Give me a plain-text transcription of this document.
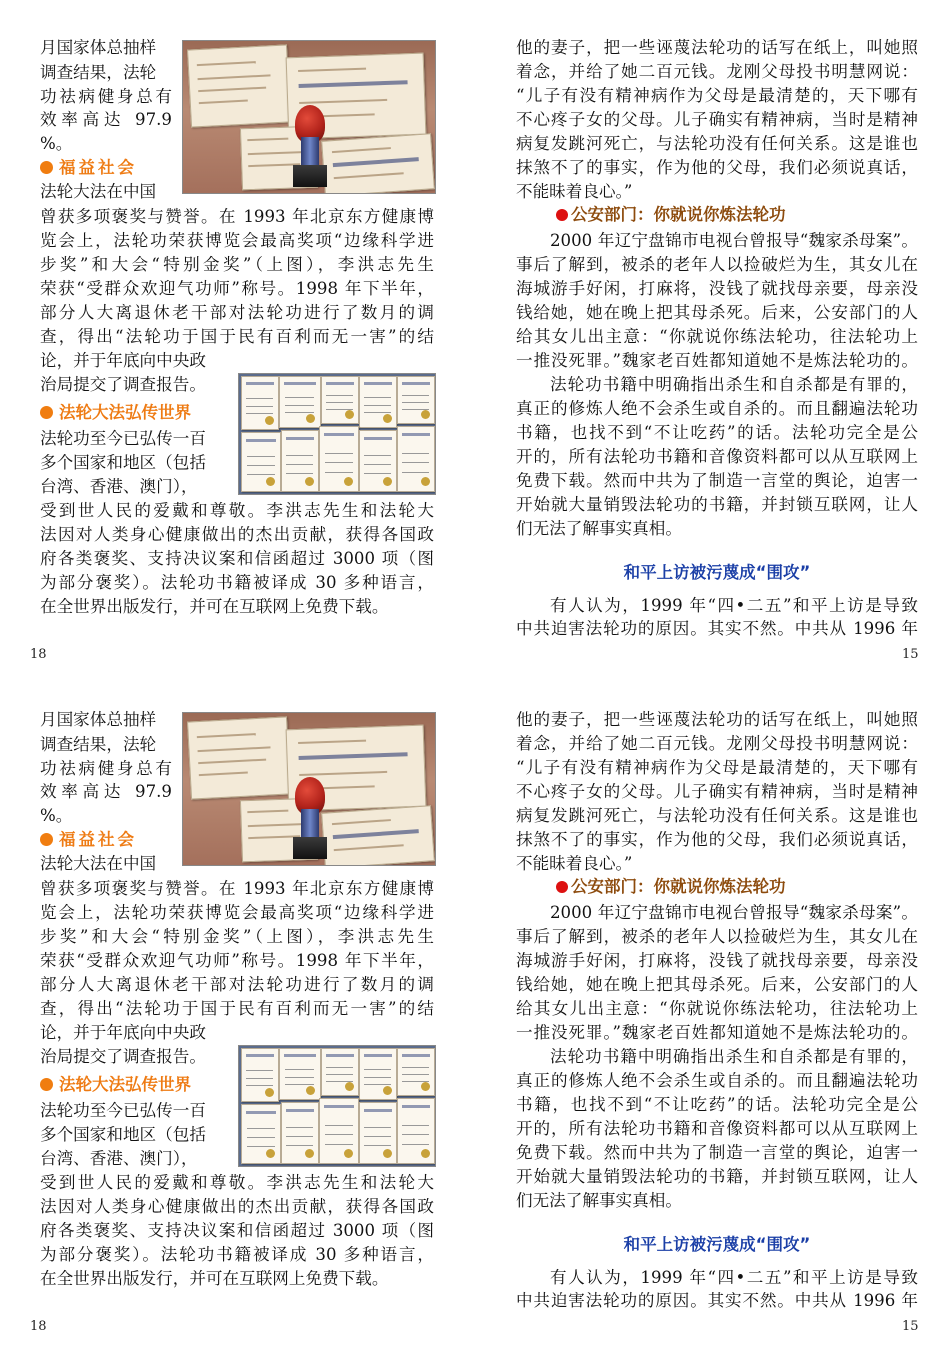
月国家体总抽样
调查结果，法轮
功祛病健身总有
效率高达 97.9
%。
福益社会
法轮大法在中国
曾获多项褒奖与赞誉。在 1993 年北京东方健康博
览会上，法轮功荣获博览会最高奖项“边缘科学进
步奖”和大会“特别金奖”（上图），李洪志先生
荣获“受群众欢迎气功师”称号。1998 年下半年，
部分人大离退休老干部对法轮功进行了数月的调
查，得出“法轮功于国于民有百利而无一害”的结
论，并于年底向中央政
治局提交了调查报告。
法轮大法弘传世界
法轮功至今已弘传一百
多个国家和地区（包括
台湾、香港、澳门），
受到世人民的爱戴和尊敬。李洪志先生和法轮大
法因对人类身心健康做出的杰出贡献，获得各国政
府各类褒奖、支持决议案和信函超过 3000 项（图
为部分褒奖）。法轮功书籍被译成 30 多种语言，
在全世界出版发行，并可在互联网上免费下载。
18
他的妻子，把一些诬蔑法轮功的话写在纸上，叫她照
着念，并给了她二百元钱。龙刚父母投书明慧网说：
“儿子有没有精神病作为父母是最清楚的，天下哪有
不心疼子女的父母。儿子确实有精神病，当时是精神
病复发跳河死亡，与法轮功没有任何关系。这是谁也
抹煞不了的事实，作为他的父母，我们必须说真话，
不能昧着良心。”
公安部门：你就说你炼法轮功
2000 年辽宁盘锦市电视台曾报导“魏家杀母案”。
事后了解到，被杀的老年人以捡破烂为生，其女儿在
海城游手好闲，打麻将，没钱了就找母亲要，母亲没
钱给她，她在晚上把其母杀死。后来，公安部门的人
给其女儿出主意：“你就说你练法轮功，往法轮功上
一推没死罪。”魏家老百姓都知道她不是炼法轮功的。
法轮功书籍中明确指出杀生和自杀都是有罪的，
真正的修炼人绝不会杀生或自杀的。而且翻遍法轮功
书籍，也找不到“不让吃药”的话。法轮功完全是公
开的，所有法轮功书籍和音像资料都可以从互联网上
免费下载。然而中共为了制造一言堂的舆论，迫害一
开始就大量销毁法轮功的书籍，并封锁互联网，让人
们无法了解事实真相。
和平上访被污蔑成“围攻”
有人认为，1999 年“四•二五”和平上访是导致
中共迫害法轮功的原因。其实不然。中共从 1996 年
15
月国家体总抽样
调查结果，法轮
功祛病健身总有
效率高达 97.9
%。
福益社会
法轮大法在中国
曾获多项褒奖与赞誉。在 1993 年北京东方健康博
览会上，法轮功荣获博览会最高奖项“边缘科学进
步奖”和大会“特别金奖”（上图），李洪志先生
荣获“受群众欢迎气功师”称号。1998 年下半年，
部分人大离退休老干部对法轮功进行了数月的调
查，得出“法轮功于国于民有百利而无一害”的结
论，并于年底向中央政
治局提交了调查报告。
法轮大法弘传世界
法轮功至今已弘传一百
多个国家和地区（包括
台湾、香港、澳门），
受到世人民的爱戴和尊敬。李洪志先生和法轮大
法因对人类身心健康做出的杰出贡献，获得各国政
府各类褒奖、支持决议案和信函超过 3000 项（图
为部分褒奖）。法轮功书籍被译成 30 多种语言，
在全世界出版发行，并可在互联网上免费下载。
18
他的妻子，把一些诬蔑法轮功的话写在纸上，叫她照
着念，并给了她二百元钱。龙刚父母投书明慧网说：
“儿子有没有精神病作为父母是最清楚的，天下哪有
不心疼子女的父母。儿子确实有精神病，当时是精神
病复发跳河死亡，与法轮功没有任何关系。这是谁也
抹煞不了的事实，作为他的父母，我们必须说真话，
不能昧着良心。”
公安部门：你就说你炼法轮功
2000 年辽宁盘锦市电视台曾报导“魏家杀母案”。
事后了解到，被杀的老年人以捡破烂为生，其女儿在
海城游手好闲，打麻将，没钱了就找母亲要，母亲没
钱给她，她在晚上把其母杀死。后来，公安部门的人
给其女儿出主意：“你就说你练法轮功，往法轮功上
一推没死罪。”魏家老百姓都知道她不是炼法轮功的。
法轮功书籍中明确指出杀生和自杀都是有罪的，
真正的修炼人绝不会杀生或自杀的。而且翻遍法轮功
书籍，也找不到“不让吃药”的话。法轮功完全是公
开的，所有法轮功书籍和音像资料都可以从互联网上
免费下载。然而中共为了制造一言堂的舆论，迫害一
开始就大量销毁法轮功的书籍，并封锁互联网，让人
们无法了解事实真相。
和平上访被污蔑成“围攻”
有人认为，1999 年“四•二五”和平上访是导致
中共迫害法轮功的原因。其实不然。中共从 1996 年
15
